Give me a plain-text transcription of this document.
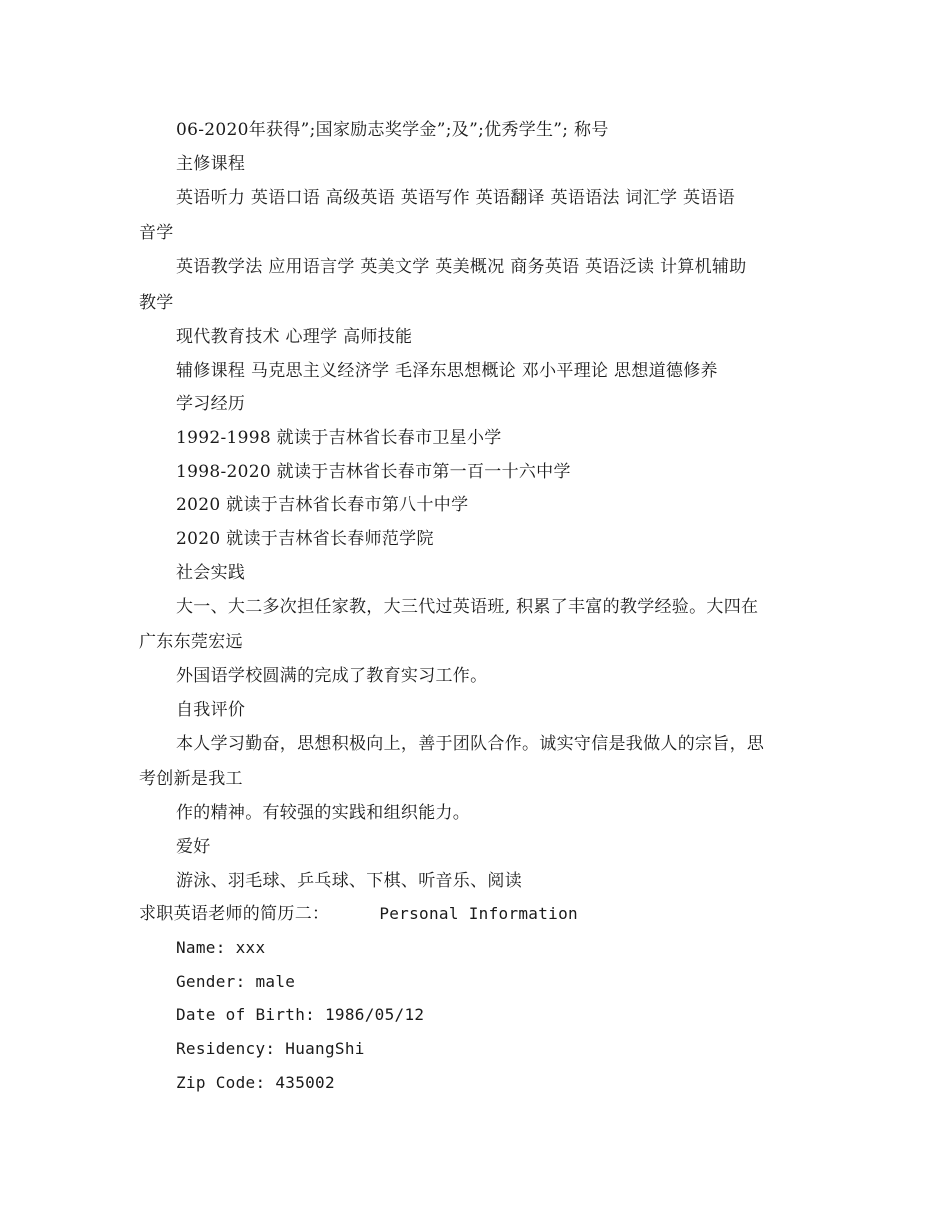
06-2020年获得”;国家励志奖学金”;及”;优秀学生”; 称号
主修课程
英语听力 英语口语 高级英语 英语写作 英语翻译 英语语法 词汇学 英语语
音学
英语教学法 应用语言学 英美文学 英美概况 商务英语 英语泛读 计算机辅助
教学
现代教育技术 心理学 高师技能
辅修课程 马克思主义经济学 毛泽东思想概论 邓小平理论 思想道德修养
学习经历
1992-1998 就读于吉林省长春市卫星小学
1998-2020 就读于吉林省长春市第一百一十六中学
2020 就读于吉林省长春市第八十中学
2020 就读于吉林省长春师范学院
社会实践
大一、大二多次担任家教，大三代过英语班, 积累了丰富的教学经验。大四在
广东东莞宏远
外国语学校圆满的完成了教育实习工作。
自我评价
本人学习勤奋，思想积极向上，善于团队合作。诚实守信是我做人的宗旨，思
考创新是我工
作的精神。有较强的实践和组织能力。
爱好
游泳、羽毛球、乒乓球、下棋、听音乐、阅读
求职英语老师的简历二：	Personal Information
Name: xxx
Gender: male
Date of Birth: 1986/05/12
Residency: HuangShi
Zip Code: 435002
